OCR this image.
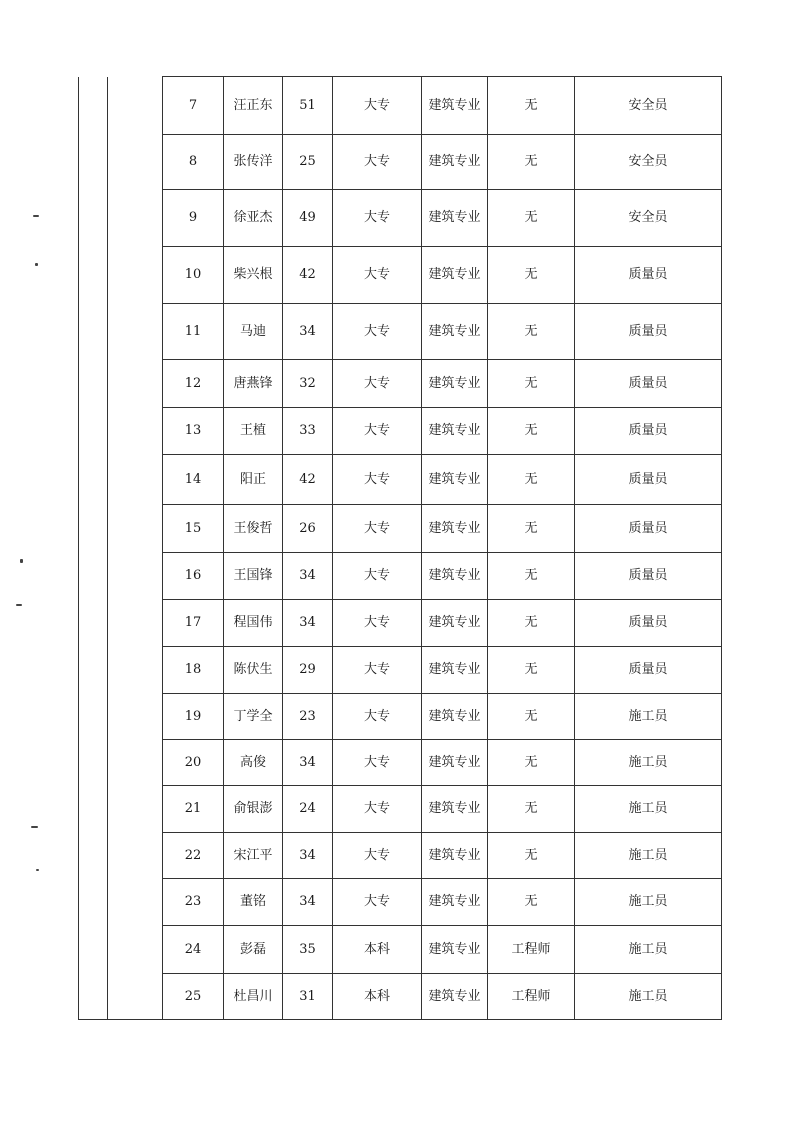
		7	汪正东	51	大专	建筑专业	无	安全员	
		8	张传洋	25	大专	建筑专业	无	安全员	
		9	徐亚杰	49	大专	建筑专业	无	安全员	
		10	柴兴根	42	大专	建筑专业	无	质量员	
		11	马迪	34	大专	建筑专业	无	质量员	
		12	唐燕锋	32	大专	建筑专业	无	质量员	
		13	王植	33	大专	建筑专业	无	质量员	
		14	阳正	42	大专	建筑专业	无	质量员	
		15	王俊哲	26	大专	建筑专业	无	质量员	
		16	王国锋	34	大专	建筑专业	无	质量员	
		17	程国伟	34	大专	建筑专业	无	质量员	
		18	陈伏生	29	大专	建筑专业	无	质量员	
		19	丁学全	23	大专	建筑专业	无	施工员	
		20	高俊	34	大专	建筑专业	无	施工员	
		21	俞银澎	24	大专	建筑专业	无	施工员	
		22	宋江平	34	大专	建筑专业	无	施工员	
		23	董铭	34	大专	建筑专业	无	施工员	
		24	彭磊	35	本科	建筑专业	工程师	施工员	
		25	杜昌川	31	本科	建筑专业	工程师	施工员	
